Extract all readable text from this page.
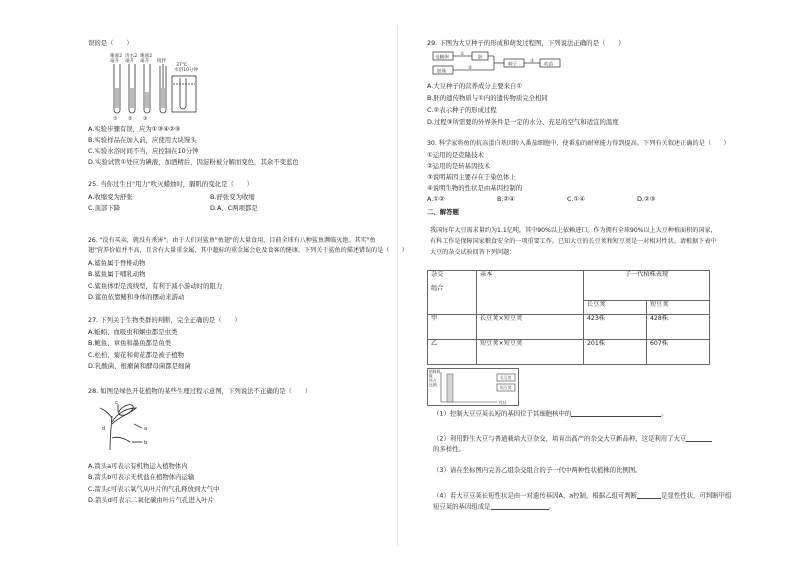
误的是（　　）
唾液2
毫升
清水2
毫升
唾液2
毫升 搅拌
37℃
水浴10分钟
① ② ③
A.实验步骤有误，应为①③④②⑤
B.实验样品在加入前，应使用大块馒头
C.实验水浴时间不当，应控制在10分钟
D.实验试管①处应为碘液，加酒精后，因淀粉被分解而变色，其余不变蓝色
25. 当你过生日"用力"吹灭蜡烛时，膈肌的变化是（　　）
A.收缩变为舒张	B.舒张变为收缩
C.顶部下降	D.A、C两项都是
26. "没有买卖，就没有杀害"。由于人们对鲨鱼"鱼翅"的大量食用，目前全球有八种鲨鱼濒临灭绝。其实"鱼
翅"营养价值并不高，且含有大量重金属，其中超标的重金属会危及食客的健康。下列关于鲨鱼的描述错误的是（　　）
A.鲨鱼属于脊椎动物
B.鲨鱼属于哺乳动物
C.鲨鱼体型是流线型，有利于减小游动时的阻力
D.鲨鱼依靠鳍和身体的摆动来游动
27. 下列关于生物类群的判断，完全正确的是（　　）
A.蚯蚓、血吸虫和蛔虫都是虫类
B.鲍鱼、章鱼和墨鱼都是鱼类
C.松柏、菊花和荷花都是被子植物
D.乳酸菌、根瘤菌和酵母菌都是细菌
28. 如图是绿色开花植物的某些生理过程示意图，下列说法不正确的是（　　）
a
b
c
d
A.箭头a可表示有机物运入植物体内
B.箭头b可表示无机盐在植物体内运输
C.箭头c可表示氧气从叶片的气孔释放到大气中
D.箭头d可表示二氧化碳由叶片气孔进入叶片
29. 下图为大豆种子的形成和萌发过程图，下列说法正确的是（　　）
受精卵
胚珠
胚
种子	幼苗
①
②
③
A.大豆种子的营养成分主要来自①
B.胚的遗传物质与①内的遗传物质完全相同
C.②表示种子的形成过程
D.过程③所需要的外界条件是一定的水分、充足的空气和适宜的温度
30. 科学家将鱼的抗冻蛋白基因转入番茄细胞中，使番茄的耐寒能力得到提高。下列有关叙述正确的是（　　）
①运用的是克隆技术
②运用的是转基因技术
③说明基因主要存在于染色体上
④说明生物的性状是由基因控制的
A.①②	B.②④	C.①④	D.②③
二、解答题
我国每年大豆需求量约为1.1亿吨，其中90%以上依赖进口。作为拥有全球90%以上大豆种植面积的国家，
有科工作是保障国家粮食安全的一项重要工作。已知大豆的长豆荚和短豆荚是一对相对性状。请根据下表中
大豆的杂交试验回答下列问题：
杂交
组合	亲本	子一代植株表现	
		长豆荚	短豆荚
甲	长豆荚×短豆荚	423株	428株
乙	短豆荚×短豆荚	201株	607株
植株数
株
所占
比例
长豆荚
短豆荚
性状
（1）控制大豆豆荚长短的基因位于其细胞核中的	。
（2）利用野生大豆与普通栽培大豆杂交，培育出高产的杂交大豆新品种，这是利用了大豆
的多样性。
（3）请在坐标图内完善乙组杂交组合的子一代中两种性状植株的比例图。
（4）若大豆豆荚长短性状是由一对遗传基因A、a控制，根据乙组可判断	是显性性状，可判断甲组
短豆荚的基因组成是	。
